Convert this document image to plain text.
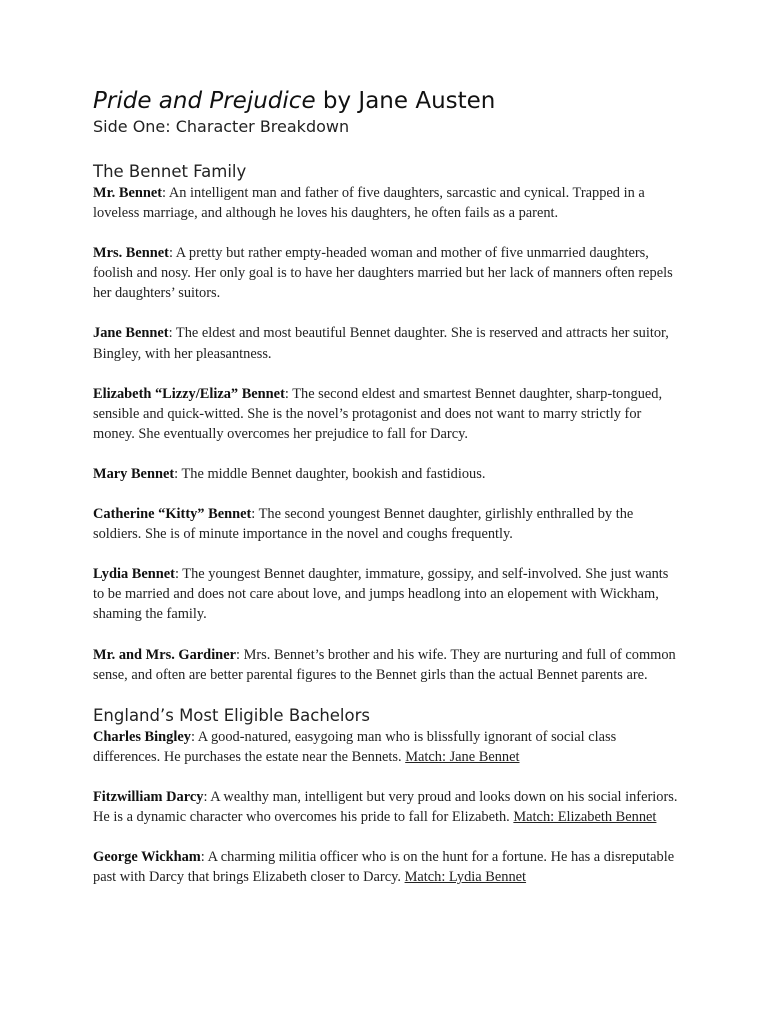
Pride and Prejudice by Jane Austen
Side One: Character Breakdown
The Bennet Family

Mr. Bennet: An intelligent man and father of five daughters, sarcastic and cynical. Trapped in a loveless marriage, and although he loves his daughters, he often fails as a parent.

Mrs. Bennet: A pretty but rather empty-headed woman and mother of five unmarried daughters, foolish and nosy. Her only goal is to have her daughters married but her lack of manners often repels her daughters’ suitors.

Jane Bennet: The eldest and most beautiful Bennet daughter. She is reserved and attracts her suitor, Bingley, with her pleasantness.

Elizabeth “Lizzy/Eliza” Bennet: The second eldest and smartest Bennet daughter, sharp-tongued, sensible and quick-witted. She is the novel’s protagonist and does not want to marry strictly for money. She eventually overcomes her prejudice to fall for Darcy.

Mary Bennet: The middle Bennet daughter, bookish and fastidious.

Catherine “Kitty” Bennet: The second youngest Bennet daughter, girlishly enthralled by the soldiers. She is of minute importance in the novel and coughs frequently.

Lydia Bennet: The youngest Bennet daughter, immature, gossipy, and self-involved. She just wants to be married and does not care about love, and jumps headlong into an elopement with Wickham, shaming the family.

Mr. and Mrs. Gardiner: Mrs. Bennet’s brother and his wife. They are nurturing and full of common sense, and often are better parental figures to the Bennet girls than the actual Bennet parents are.

England’s Most Eligible Bachelors

Charles Bingley: A good-natured, easygoing man who is blissfully ignorant of social class differences. He purchases the estate near the Bennets. Match: Jane Bennet

Fitzwilliam Darcy: A wealthy man, intelligent but very proud and looks down on his social inferiors. He is a dynamic character who overcomes his pride to fall for Elizabeth. Match: Elizabeth Bennet

George Wickham: A charming militia officer who is on the hunt for a fortune. He has a disreputable past with Darcy that brings Elizabeth closer to Darcy. Match: Lydia Bennet
